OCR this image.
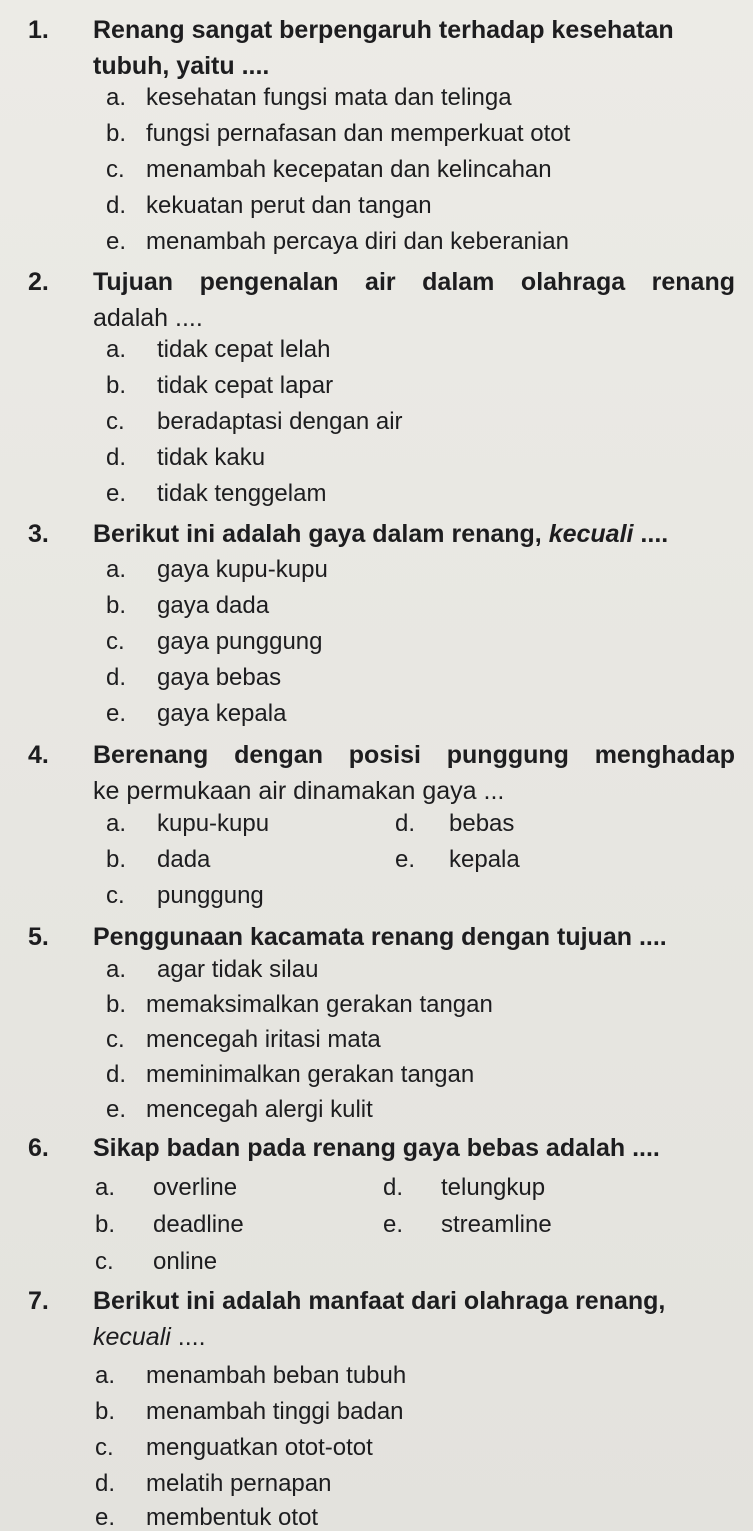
1. Renang sangat berpengaruh terhadap kesehatan
tubuh, yaitu ....
a. kesehatan fungsi mata dan telinga
b. fungsi pernafasan dan memperkuat otot
c. menambah kecepatan dan kelincahan
d. kekuatan perut dan tangan
e. menambah percaya diri dan keberanian
2. Tujuan pengenalan air dalam olahraga renang
adalah ....
a. tidak cepat lelah
b. tidak cepat lapar
c. beradaptasi dengan air
d. tidak kaku
e. tidak tenggelam
3. Berikut ini adalah gaya dalam renang, kecuali ....
a. gaya kupu-kupu
b. gaya dada
c. gaya punggung
d. gaya bebas
e. gaya kepala
4. Berenang dengan posisi punggung menghadap
ke permukaan air dinamakan gaya ...
a. kupu-kupu
b. dada
c. punggung
d. bebas
e. kepala
5. Penggunaan kacamata renang dengan tujuan ....
a. agar tidak silau
b. memaksimalkan gerakan tangan
c. mencegah iritasi mata
d. meminimalkan gerakan tangan
e. mencegah alergi kulit
6. Sikap badan pada renang gaya bebas adalah ....
a. overline
b. deadline
c. online
d. telungkup
e. streamline
7. Berikut ini adalah manfaat dari olahraga renang,
kecuali ....
a. menambah beban tubuh
b. menambah tinggi badan
c. menguatkan otot-otot
d. melatih pernapan
e. membentuk otot
